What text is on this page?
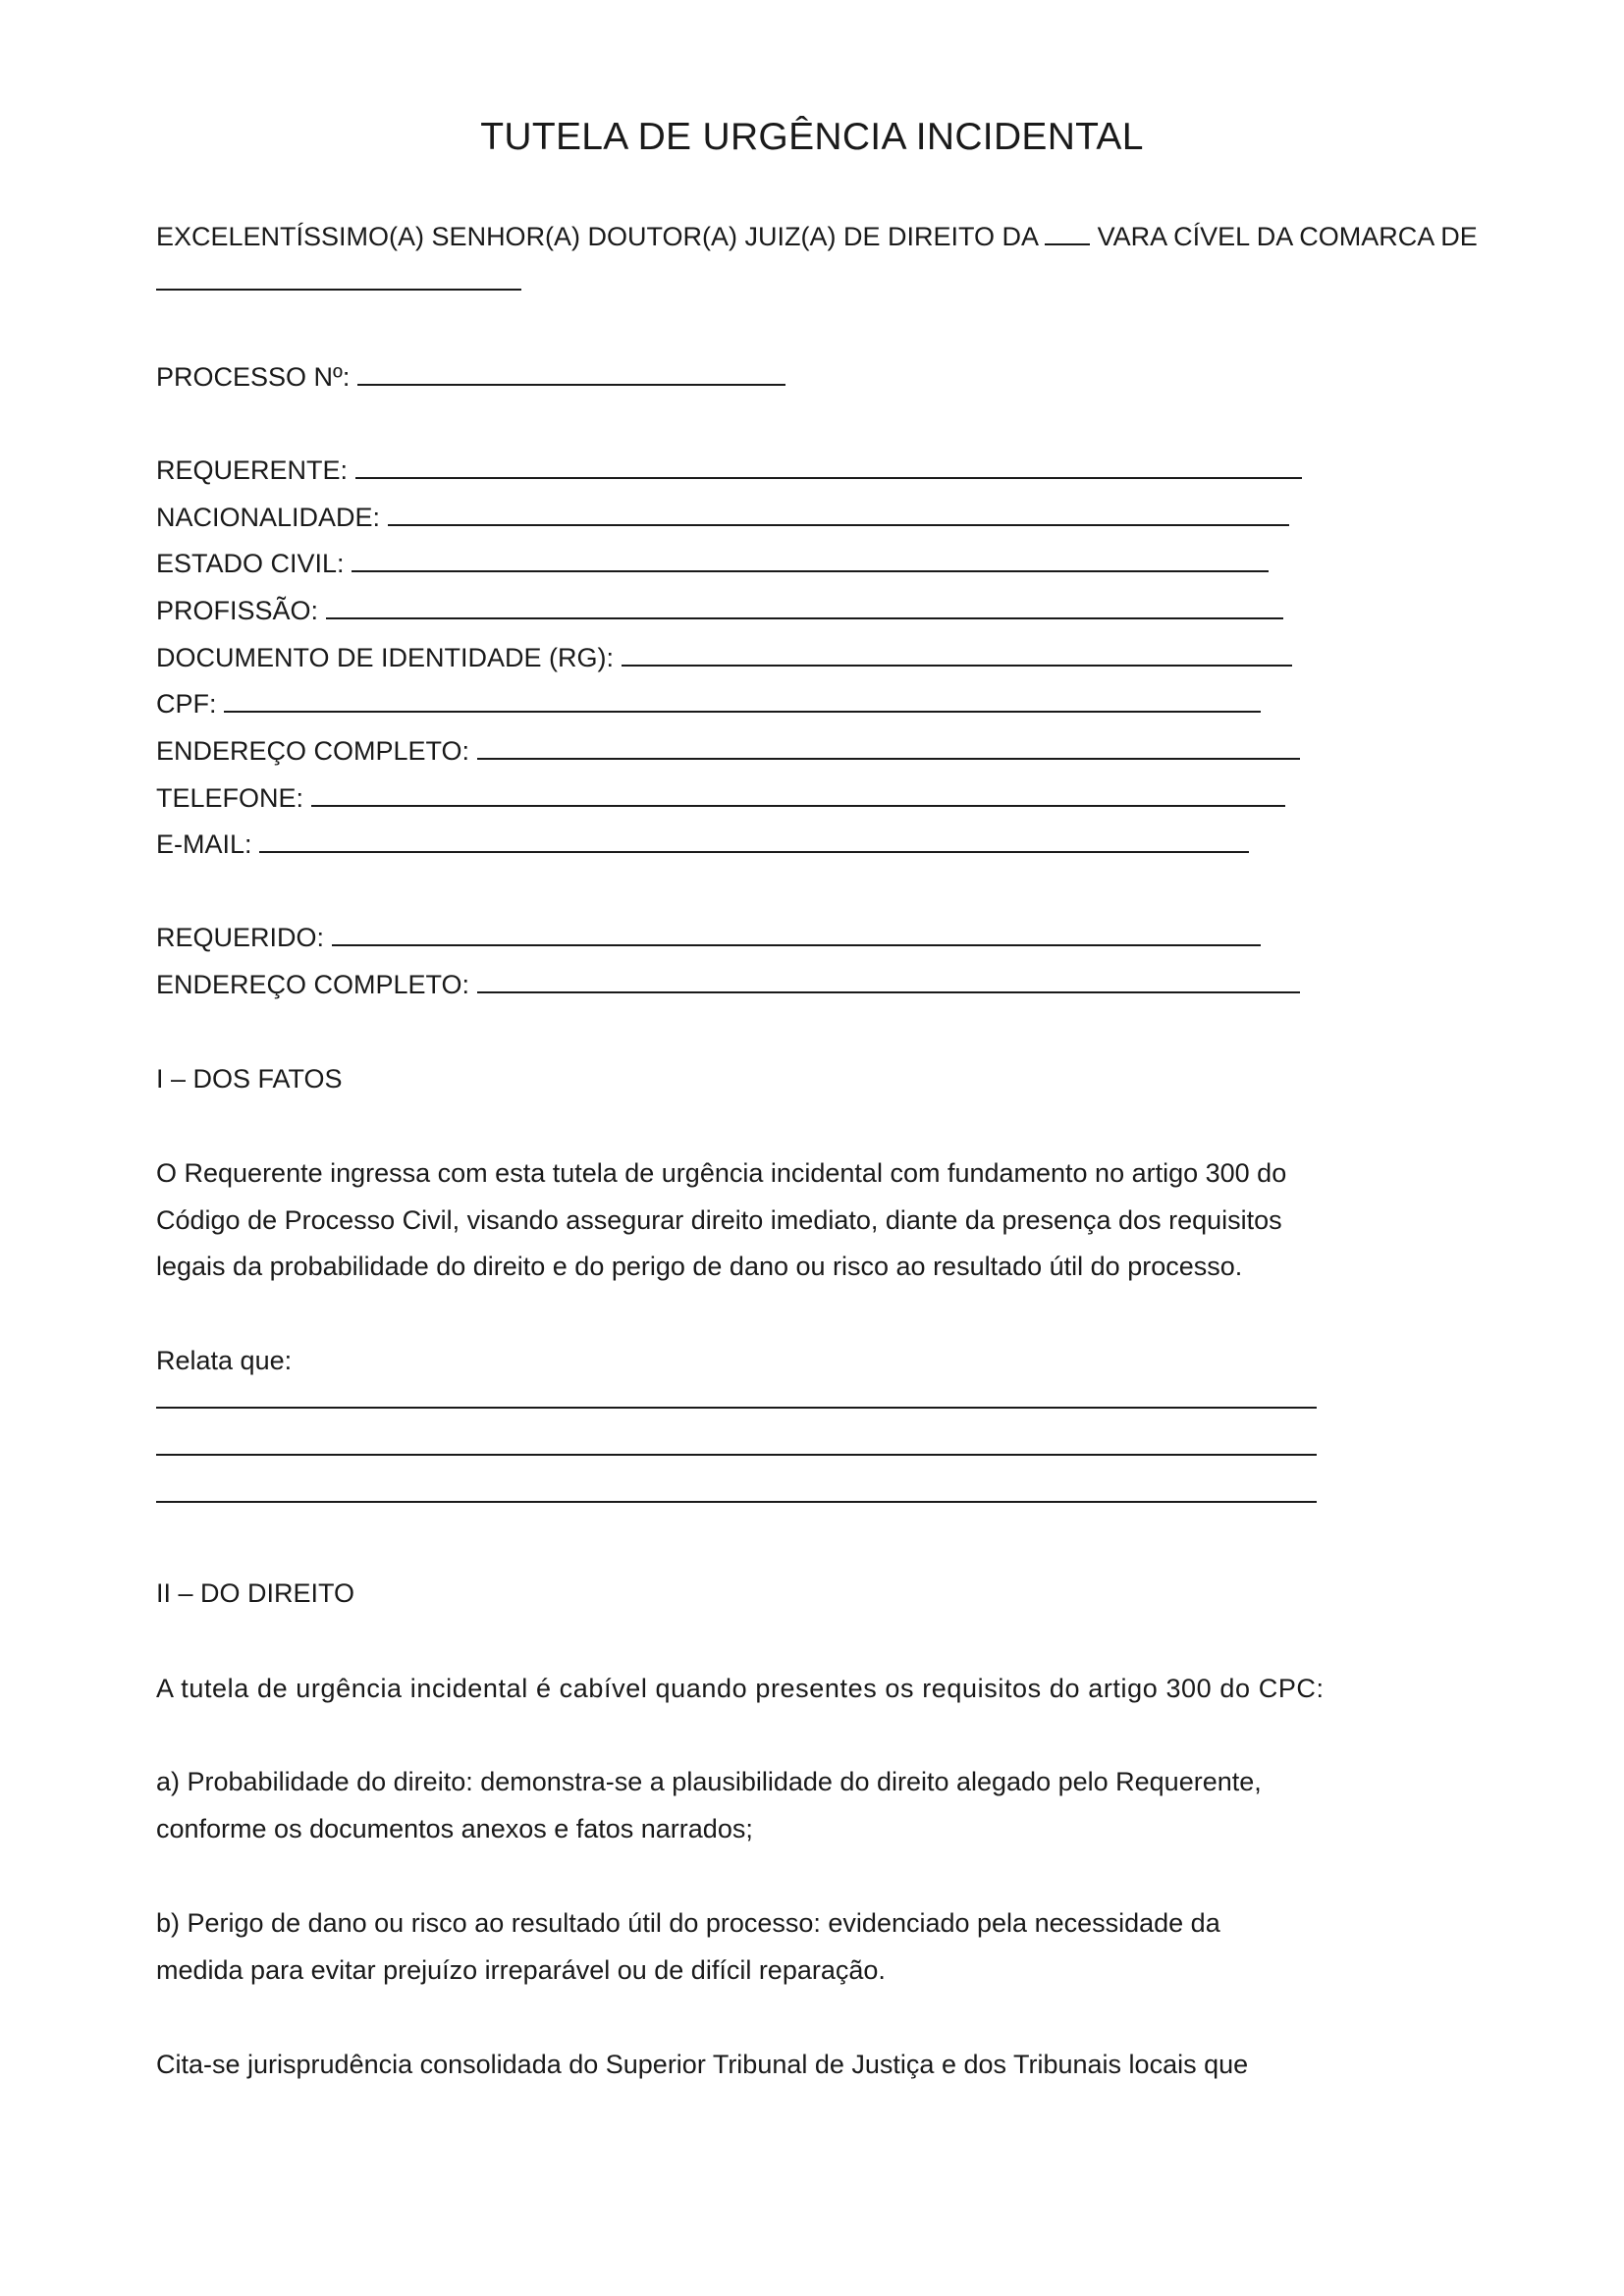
TUTELA DE URGÊNCIA INCIDENTAL
EXCELENTÍSSIMO(A) SENHOR(A) DOUTOR(A) JUIZ(A) DE DIREITO DA VARA CÍVEL DA COMARCA DE
PROCESSO Nº:
REQUERENTE:
NACIONALIDADE:
ESTADO CIVIL:
PROFISSÃO:
DOCUMENTO DE IDENTIDADE (RG):
CPF:
ENDEREÇO COMPLETO:
TELEFONE:
E-MAIL:
REQUERIDO:
ENDEREÇO COMPLETO:
I – DOS FATOS
O Requerente ingressa com esta tutela de urgência incidental com fundamento no artigo 300 do
Código de Processo Civil, visando assegurar direito imediato, diante da presença dos requisitos
legais da probabilidade do direito e do perigo de dano ou risco ao resultado útil do processo.
Relata que:
II – DO DIREITO
A tutela de urgência incidental é cabível quando presentes os requisitos do artigo 300 do CPC:
a) Probabilidade do direito: demonstra-se a plausibilidade do direito alegado pelo Requerente,
conforme os documentos anexos e fatos narrados;
b) Perigo de dano ou risco ao resultado útil do processo: evidenciado pela necessidade da
medida para evitar prejuízo irreparável ou de difícil reparação.
Cita-se jurisprudência consolidada do Superior Tribunal de Justiça e dos Tribunais locais que
